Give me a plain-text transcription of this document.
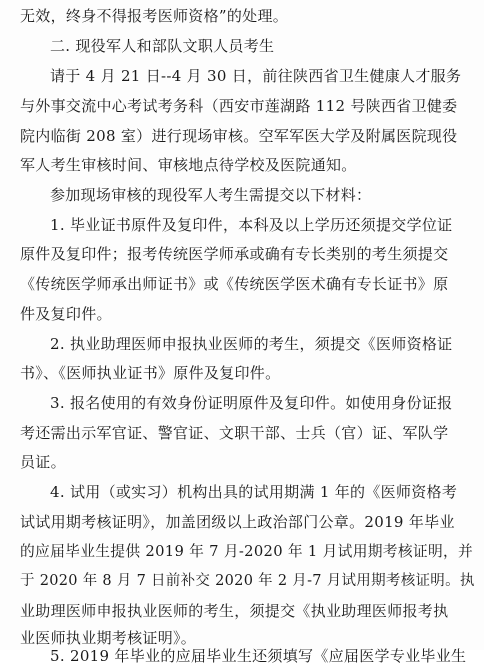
无效，终身不得报考医师资格”的处理。
二. 现役军人和部队文职人员考生
请于 4 月 21 日--4 月 30 日，前往陕西省卫生健康人才服务
与外事交流中心考试考务科（西安市莲湖路 112 号陕西省卫健委
院内临街 208 室）进行现场审核。空军军医大学及附属医院现役
军人考生审核时间、审核地点待学校及医院通知。
参加现场审核的现役军人考生需提交以下材料：
1. 毕业证书原件及复印件，本科及以上学历还须提交学位证
原件及复印件；报考传统医学师承或确有专长类别的考生须提交
《传统医学师承出师证书》或《传统医学医术确有专长证书》原
件及复印件。
2. 执业助理医师申报执业医师的考生，须提交《医师资格证
书》、《医师执业证书》原件及复印件。
3. 报名使用的有效身份证明原件及复印件。如使用身份证报
考还需出示军官证、警官证、文职干部、士兵（官）证、军队学
员证。
4. 试用（或实习）机构出具的试用期满 1 年的《医师资格考
试试用期考核证明》，加盖团级以上政治部门公章。2019 年毕业
的应届毕业生提供 2019 年 7 月-2020 年 1 月试用期考核证明，并
于 2020 年 8 月 7 日前补交 2020 年 2 月-7 月试用期考核证明。执
业助理医师申报执业医师的考生，须提交《执业助理医师报考执
业医师执业期考核证明》。
5. 2019 年毕业的应届毕业生还须填写《应届医学专业毕业生
